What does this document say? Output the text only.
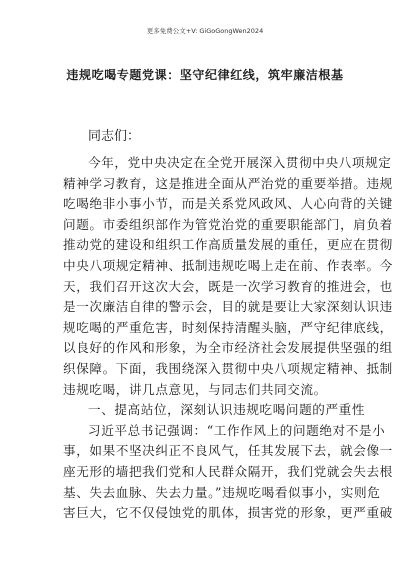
更多免费公文+V: GiGoGongWen2024
违规吃喝专题党课：坚守纪律红线，筑牢廉洁根基
同志们：
今年，党中央决定在全党开展深入贯彻中央八项规定
精神学习教育，这是推进全面从严治党的重要举措。违规
吃喝绝非小事小节，而是关系党风政风、人心向背的关键
问题。市委组织部作为管党治党的重要职能部门，肩负着
推动党的建设和组织工作高质量发展的重任，更应在贯彻
中央八项规定精神、抵制违规吃喝上走在前、作表率。今
天，我们召开这次大会，既是一次学习教育的推进会，也
是一次廉洁自律的警示会，目的就是要让大家深刻认识违
规吃喝的严重危害，时刻保持清醒头脑，严守纪律底线，
以良好的作风和形象，为全市经济社会发展提供坚强的组
织保障。下面，我围绕深入贯彻中央八项规定精神、抵制
违规吃喝，讲几点意见，与同志们共同交流。
一、提高站位，深刻认识违规吃喝问题的严重性
习近平总书记强调：“工作作风上的问题绝对不是小
事，如果不坚决纠正不良风气，任其发展下去，就会像一
座无形的墙把我们党和人民群众隔开，我们党就会失去根
基、失去血脉、失去力量。”违规吃喝看似事小，实则危
害巨大，它不仅侵蚀党的肌体，损害党的形象，更严重破
